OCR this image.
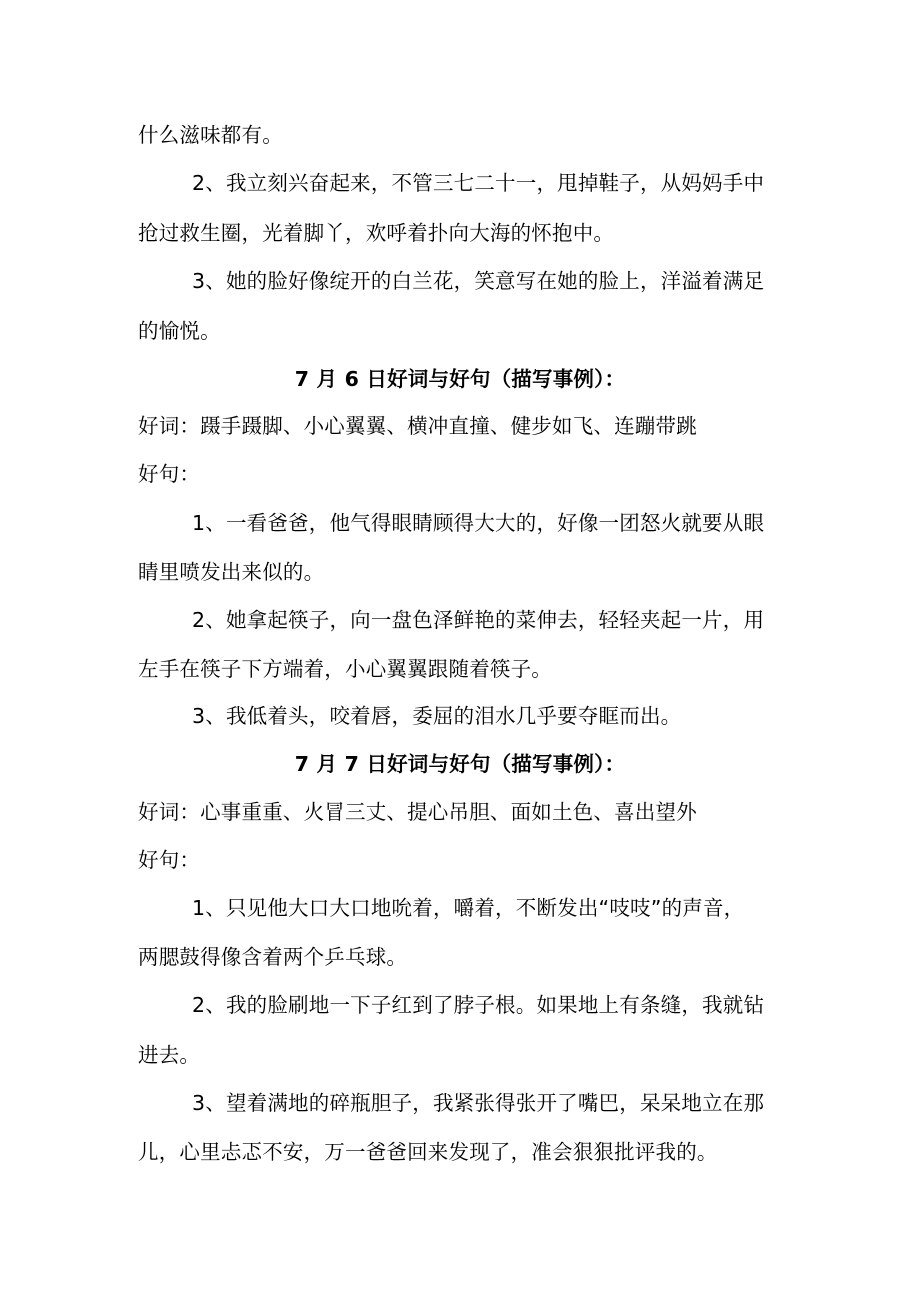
什么滋味都有。
2、我立刻兴奋起来，不管三七二十一，甩掉鞋子，从妈妈手中
抢过救生圈，光着脚丫，欢呼着扑向大海的怀抱中。
3、她的脸好像绽开的白兰花，笑意写在她的脸上，洋溢着满足
的愉悦。
7 月 6 日好词与好句（描写事例）：
好词：蹑手蹑脚、小心翼翼、横冲直撞、健步如飞、连蹦带跳
好句：
1、一看爸爸，他气得眼睛顾得大大的，好像一团怒火就要从眼
睛里喷发出来似的。
2、她拿起筷子，向一盘色泽鲜艳的菜伸去，轻轻夹起一片，用
左手在筷子下方端着，小心翼翼跟随着筷子。
3、我低着头，咬着唇，委屈的泪水几乎要夺眶而出。
7 月 7 日好词与好句（描写事例）：
好词：心事重重、火冒三丈、提心吊胆、面如土色、喜出望外
好句：
1、只见他大口大口地吮着，嚼着，不断发出“吱吱”的声音，
两腮鼓得像含着两个乒乓球。
2、我的脸刷地一下子红到了脖子根。如果地上有条缝，我就钻
进去。
3、望着满地的碎瓶胆子，我紧张得张开了嘴巴，呆呆地立在那
儿，心里忐忑不安，万一爸爸回来发现了，准会狠狠批评我的。
